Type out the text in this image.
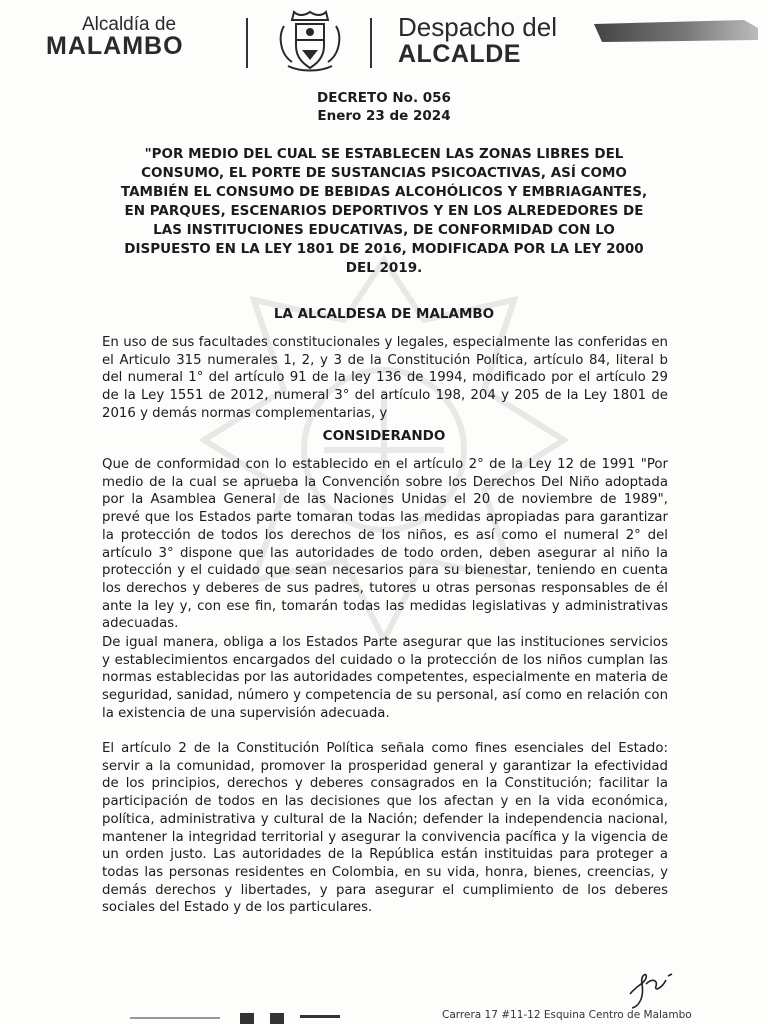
Alcaldía de
MALAMBO
Despacho del
ALCALDE
DECRETO No. 056
Enero 23 de 2024
"POR MEDIO DEL CUAL SE ESTABLECEN LAS ZONAS LIBRES DEL
CONSUMO, EL PORTE DE SUSTANCIAS PSICOACTIVAS, ASÍ COMO
TAMBIÉN EL CONSUMO DE BEBIDAS ALCOHÓLICOS Y EMBRIAGANTES,
EN PARQUES, ESCENARIOS DEPORTIVOS Y EN LOS ALREDEDORES DE
LAS INSTITUCIONES EDUCATIVAS, DE CONFORMIDAD CON LO
DISPUESTO EN LA LEY 1801 DE 2016, MODIFICADA POR LA LEY 2000
DEL 2019.
LA ALCALDESA DE MALAMBO
En uso de sus facultades constitucionales y legales, especialmente las conferidas en el Articulo 315 numerales 1, 2, y 3 de la Constitución Política, artículo 84, literal b del numeral 1° del artículo 91 de la ley 136 de 1994, modificado por el artículo 29 de la Ley 1551 de 2012, numeral 3° del artículo 198, 204 y 205 de la Ley 1801 de 2016 y demás normas complementarias, y
CONSIDERANDO
Que de conformidad con lo establecido en el artículo 2° de la Ley 12 de 1991 "Por medio de la cual se aprueba la Convención sobre los Derechos Del Niño adoptada por la Asamblea General de las Naciones Unidas el 20 de noviembre de 1989", prevé que los Estados parte tomaran todas las medidas apropiadas para garantizar la protección de todos los derechos de los niños, es así como el numeral 2° del artículo 3° dispone que las autoridades de todo orden, deben asegurar al niño la protección y el cuidado que sean necesarios para su bienestar, teniendo en cuenta los derechos y deberes de sus padres, tutores u otras personas responsables de él ante la ley y, con ese fin, tomarán todas las medidas legislativas y administrativas adecuadas.
De igual manera, obliga a los Estados Parte asegurar que las instituciones servicios y establecimientos encargados del cuidado o la protección de los niños cumplan las normas establecidas por las autoridades competentes, especialmente en materia de seguridad, sanidad, número y competencia de su personal, así como en relación con la existencia de una supervisión adecuada.
El artículo 2 de la Constitución Política señala como fines esenciales del Estado: servir a la comunidad, promover la prosperidad general y garantizar la efectividad de los principios, derechos y deberes consagrados en la Constitución; facilitar la participación de todos en las decisiones que los afectan y en la vida económica, política, administrativa y cultural de la Nación; defender la independencia nacional, mantener la integridad territorial y asegurar la convivencia pacífica y la vigencia de un orden justo. Las autoridades de la República están instituidas para proteger a todas las personas residentes en Colombia, en su vida, honra, bienes, creencias, y demás derechos y libertades, y para asegurar el cumplimiento de los deberes sociales del Estado y de los particulares.
Carrera 17 #11-12 Esquina Centro de Malambo
